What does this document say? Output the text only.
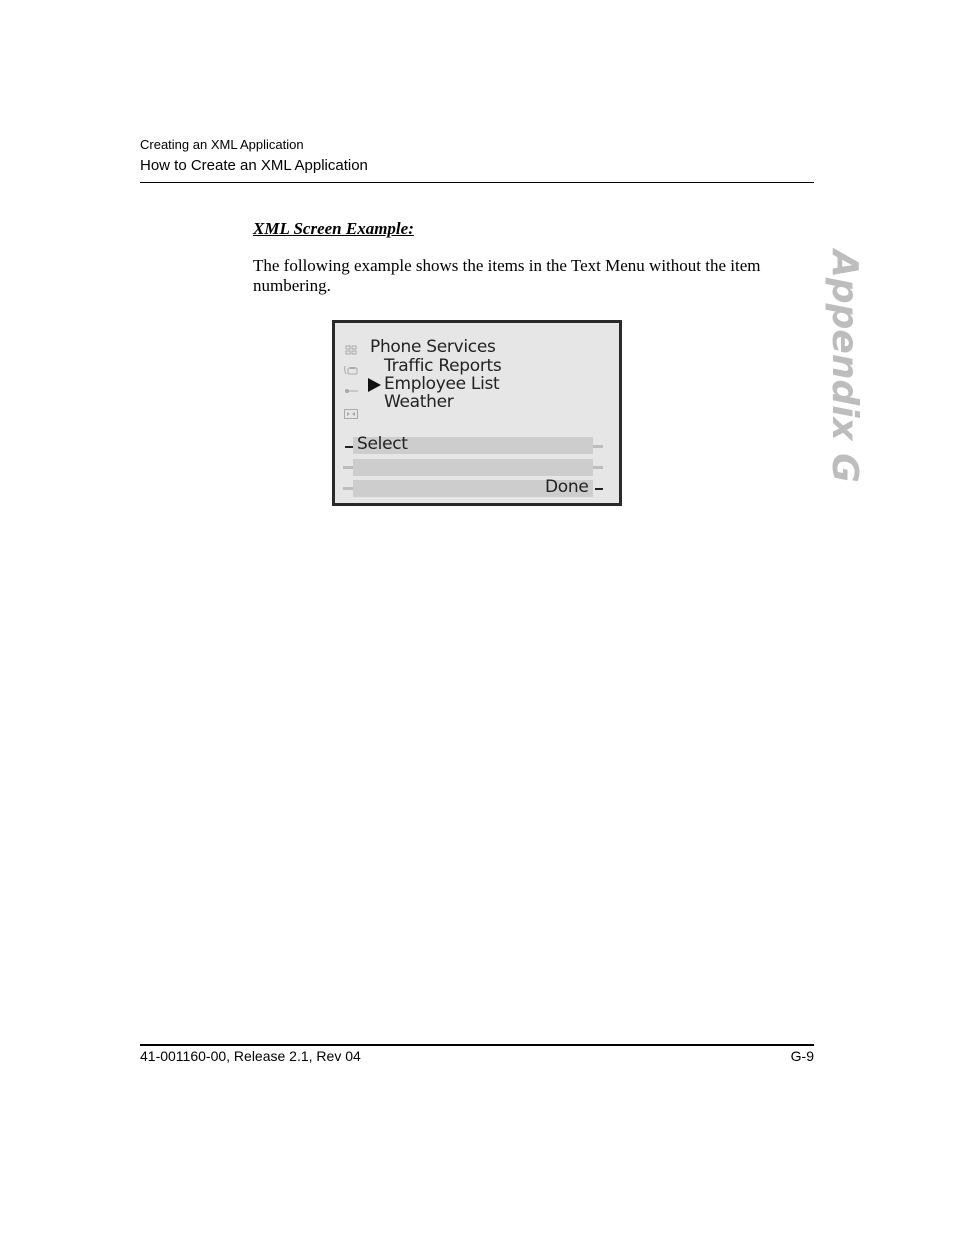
Creating an XML Application
How to Create an XML Application
XML Screen Example:
The following example shows the items in the Text Menu without the item numbering.	Appendix G
Phone Services
Traffic Reports
Employee List
Weather
Select
Done
41-001160-00, Release 2.1, Rev 04	G-9
